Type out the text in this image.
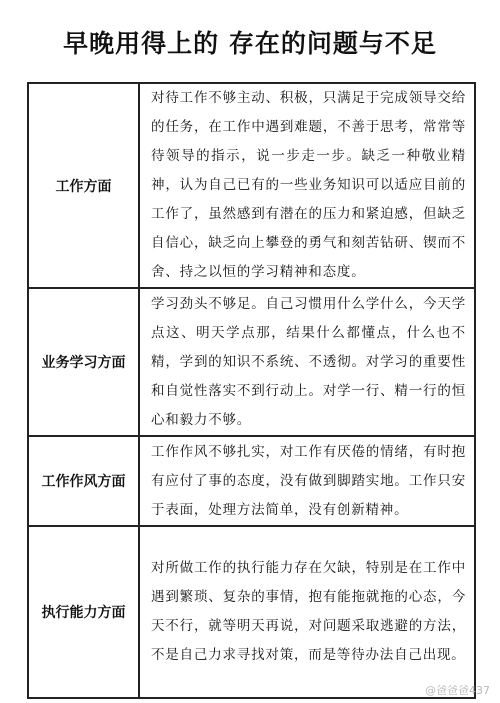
早晚用得上的 存在的问题与不足
工作方面	对待工作不够主动、积极，只满足于完成领导交给的任务，在工作中遇到难题，不善于思考，常常等待领导的指示，说一步走一步。缺乏一种敬业精神，认为自己已有的一些业务知识可以适应目前的工作了，虽然感到有潜在的压力和紧迫感，但缺乏自信心，缺乏向上攀登的勇气和刻苦钻研、锲而不舍、持之以恒的学习精神和态度。
业务学习方面	学习劲头不够足。自己习惯用什么学什么，今天学点这、明天学点那，结果什么都懂点，什么也不精，学到的知识不系统、不透彻。对学习的重要性和自觉性落实不到行动上。对学一行、精一行的恒心和毅力不够。
工作作风方面	工作作风不够扎实，对工作有厌倦的情绪，有时抱有应付了事的态度，没有做到脚踏实地。工作只安于表面，处理方法简单，没有创新精神。
执行能力方面	对所做工作的执行能力存在欠缺，特别是在工作中遇到繁琐、复杂的事情，抱有能拖就拖的心态，今天不行，就等明天再说，对问题采取逃避的方法，不是自己力求寻找对策，而是等待办法自己出现。
@爸爸爸437
